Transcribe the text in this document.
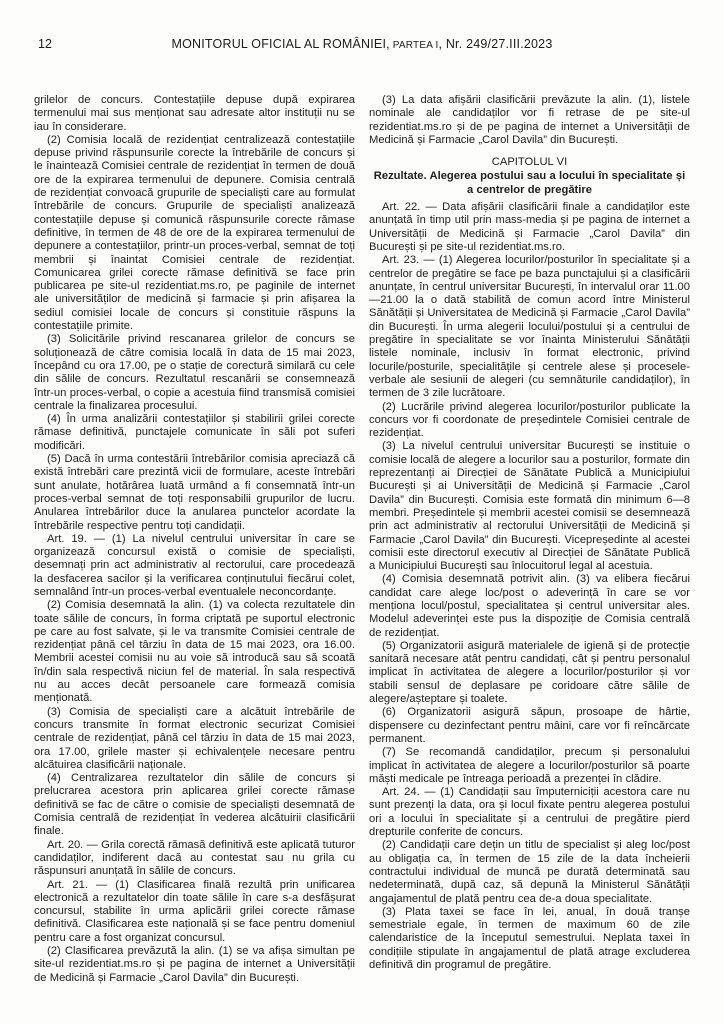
12	MONITORUL OFICIAL AL ROMÂNIEI, PARTEA I, Nr. 249/27.III.2023

grilelor de concurs. Contestațiile depuse după expirarea termenului mai sus menționat sau adresate altor instituții nu se iau în considerare.

(2) Comisia locală de rezidențiat centralizează contestațiile depuse privind răspunsurile corecte la întrebările de concurs și le înaintează Comisiei centrale de rezidențiat în termen de două ore de la expirarea termenului de depunere. Comisia centrală de rezidențiat convoacă grupurile de specialiști care au formulat întrebările de concurs. Grupurile de specialiști analizează contestațiile depuse și comunică răspunsurile corecte rămase definitive, în termen de 48 de ore de la expirarea termenului de depunere a contestațiilor, printr-un proces-verbal, semnat de toți membrii și înaintat Comisiei centrale de rezidențiat. Comunicarea grilei corecte rămase definitivă se face prin publicarea pe site-ul rezidentiat.ms.ro, pe paginile de internet ale universităților de medicină și farmacie și prin afișarea la sediul comisiei locale de concurs și constituie răspuns la contestațiile primite.

(3) Solicitările privind rescanarea grilelor de concurs se soluționează de către comisia locală în data de 15 mai 2023, începând cu ora 17.00, pe o stație de corectură similară cu cele din sălile de concurs. Rezultatul rescanării se consemnează într-un proces-verbal, o copie a acestuia fiind transmisă comisiei centrale la finalizarea procesului.

(4) În urma analizării contestațiilor și stabilirii grilei corecte rămase definitivă, punctajele comunicate în săli pot suferi modificări.

(5) Dacă în urma contestării întrebărilor comisia apreciază că există întrebări care prezintă vicii de formulare, aceste întrebări sunt anulate, hotărârea luată urmând a fi consemnată într-un proces-verbal semnat de toți responsabilii grupurilor de lucru. Anularea întrebărilor duce la anularea punctelor acordate la întrebările respective pentru toți candidații.

Art. 19. — (1) La nivelul centrului universitar în care se organizează concursul există o comisie de specialiști, desemnați prin act administrativ al rectorului, care procedează la desfacerea sacilor și la verificarea conținutului fiecărui colet, semnalând într-un proces-verbal eventualele neconcordanțe.

(2) Comisia desemnată la alin. (1) va colecta rezultatele din toate sălile de concurs, în forma criptată pe suportul electronic pe care au fost salvate, și le va transmite Comisiei centrale de rezidențiat până cel târziu în data de 15 mai 2023, ora 16.00. Membrii acestei comisii nu au voie să introducă sau să scoată în/din sala respectivă niciun fel de material. În sala respectivă nu au acces decât persoanele care formează comisia menționată.

(3) Comisia de specialiști care a alcătuit întrebările de concurs transmite în format electronic securizat Comisiei centrale de rezidențiat, până cel târziu în data de 15 mai 2023, ora 17.00, grilele master și echivalențele necesare pentru alcătuirea clasificării naționale.

(4) Centralizarea rezultatelor din sălile de concurs și prelucrarea acestora prin aplicarea grilei corecte rămase definitivă se fac de către o comisie de specialiști desemnată de Comisia centrală de rezidențiat în vederea alcătuirii clasificării finale.

Art. 20. — Grila corectă rămasă definitivă este aplicată tuturor candidaților, indiferent dacă au contestat sau nu grila cu răspunsuri anunțată în sălile de concurs.

Art. 21. — (1) Clasificarea finală rezultă prin unificarea electronică a rezultatelor din toate sălile în care s-a desfășurat concursul, stabilite în urma aplicării grilei corecte rămase definitivă. Clasificarea este națională și se face pentru domeniul pentru care a fost organizat concursul.

(2) Clasificarea prevăzută la alin. (1) se va afișa simultan pe site-ul rezidentiat.ms.ro și pe pagina de internet a Universității de Medicină și Farmacie „Carol Davila” din București.

(3) La data afișării clasificării prevăzute la alin. (1), listele nominale ale candidaților vor fi retrase de pe site-ul rezidentiat.ms.ro și de pe pagina de internet a Universității de Medicină și Farmacie „Carol Davila” din București.

CAPITOLUL VI

Rezultate. Alegerea postului sau a locului în specialitate și a centrelor de pregătire

Art. 22. — Data afișării clasificării finale a candidaților este anunțată în timp util prin mass-media și pe pagina de internet a Universității de Medicină și Farmacie „Carol Davila” din București și pe site-ul rezidentiat.ms.ro.

Art. 23. — (1) Alegerea locurilor/posturilor în specialitate și a centrelor de pregătire se face pe baza punctajului și a clasificării anunțate, în centrul universitar București, în intervalul orar 11.00—21.00 la o dată stabilită de comun acord între Ministerul Sănătății și Universitatea de Medicină și Farmacie „Carol Davila” din București. În urma alegerii locului/postului și a centrului de pregătire în specialitate se vor înainta Ministerului Sănătății listele nominale, inclusiv în format electronic, privind locurile/posturile, specialitățile și centrele alese și procesele-verbale ale sesiunii de alegeri (cu semnăturile candidaților), în termen de 3 zile lucrătoare.

(2) Lucrările privind alegerea locurilor/posturilor publicate la concurs vor fi coordonate de președintele Comisiei centrale de rezidențiat.

(3) La nivelul centrului universitar București se instituie o comisie locală de alegere a locurilor sau a posturilor, formate din reprezentanți ai Direcției de Sănătate Publică a Municipiului București și ai Universității de Medicină și Farmacie „Carol Davila” din București. Comisia este formată din minimum 6—8 membri. Președintele și membrii acestei comisii se desemnează prin act administrativ al rectorului Universității de Medicină și Farmacie „Carol Davila” din București. Vicepreședinte al acestei comisii este directorul executiv al Direcției de Sănătate Publică a Municipiului București sau înlocuitorul legal al acestuia.

(4) Comisia desemnată potrivit alin. (3) va elibera fiecărui candidat care alege loc/post o adeverință în care se vor menționa locul/postul, specialitatea și centrul universitar ales. Modelul adeverinței este pus la dispoziție de Comisia centrală de rezidențiat.

(5) Organizatorii asigură materialele de igienă și de protecție sanitară necesare atât pentru candidați, cât și pentru personalul implicat în activitatea de alegere a locurilor/posturilor și vor stabili sensul de deplasare pe coridoare către sălile de alegere/așteptare și toalete.

(6) Organizatorii asigură săpun, prosoape de hârtie, dispensere cu dezinfectant pentru mâini, care vor fi reîncărcate permanent.

(7) Se recomandă candidaților, precum și personalului implicat în activitatea de alegere a locurilor/posturilor să poarte măști medicale pe întreaga perioadă a prezenței în clădire.

Art. 24. — (1) Candidații sau împuterniciții acestora care nu sunt prezenți la data, ora și locul fixate pentru alegerea postului ori a locului în specialitate și a centrului de pregătire pierd drepturile conferite de concurs.

(2) Candidații care dețin un titlu de specialist și aleg loc/post au obligația ca, în termen de 15 zile de la data încheierii contractului individual de muncă pe durată determinată sau nedeterminată, după caz, să depună la Ministerul Sănătății angajamentul de plată pentru cea de-a doua specialitate.

(3) Plata taxei se face în lei, anual, în două tranșe semestriale egale, în termen de maximum 60 de zile calendaristice de la începutul semestrului. Neplata taxei în condițiile stipulate în angajamentul de plată atrage excluderea definitivă din programul de pregătire.
